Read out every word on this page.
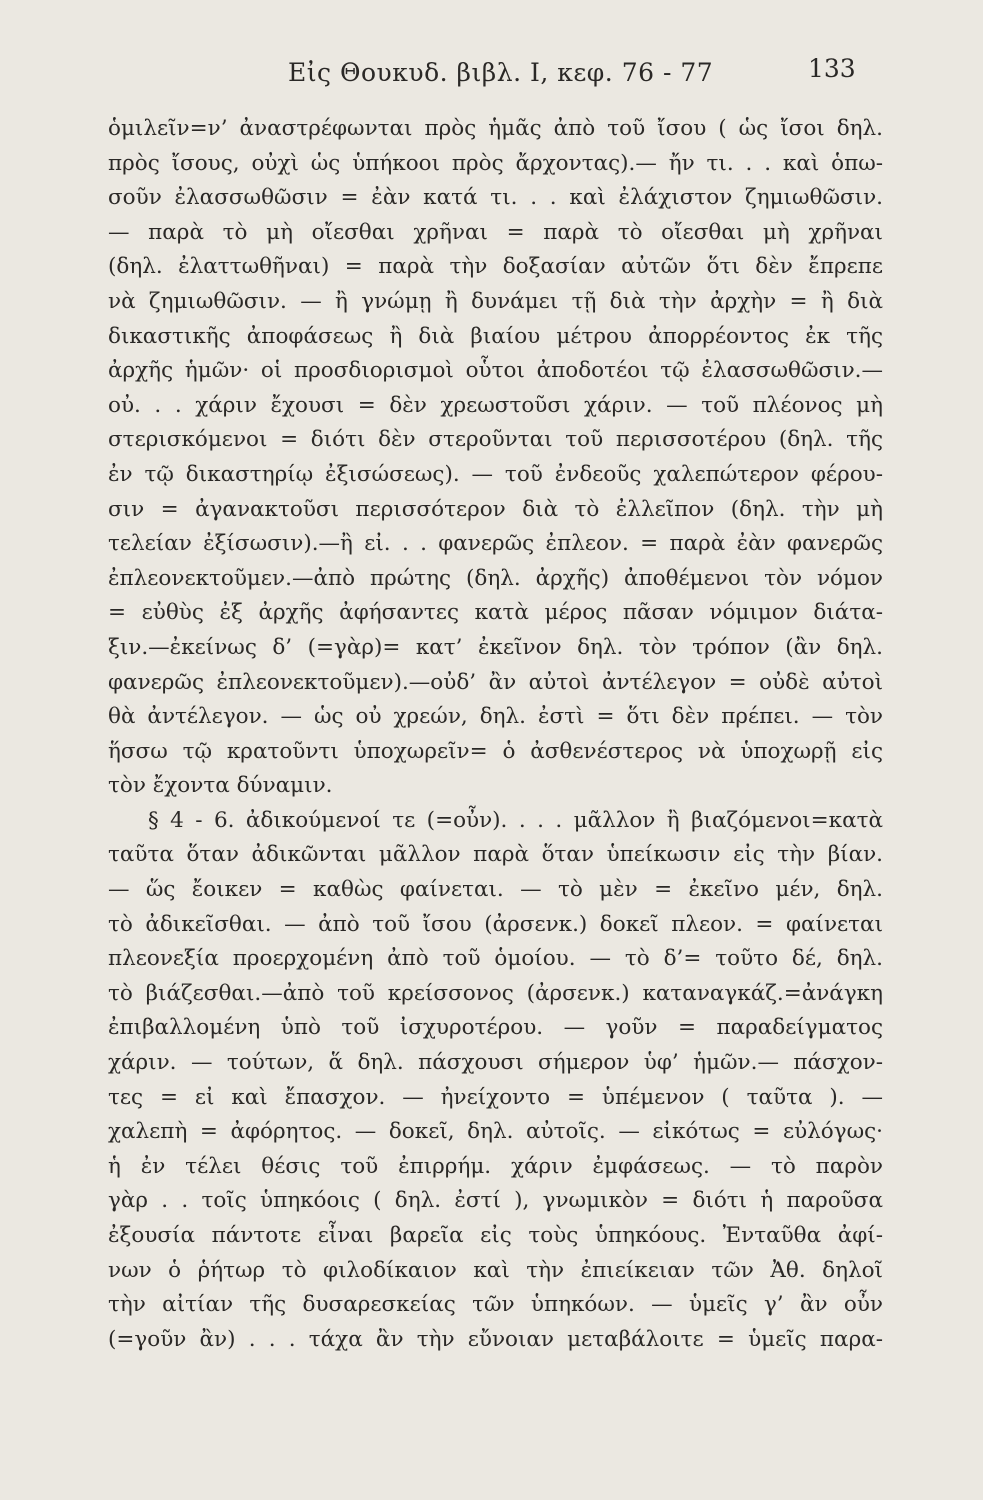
Εἰς Θουκυδ. βιβλ. Ι, κεφ. 76 - 77	133
ὁμιλεῖν=ν’ ἀναστρέφωνται πρὸς ἡμᾶς ἀπὸ τοῦ ἴσου ( ὡς ἴσοι δηλ.
πρὸς ἴσους, οὐχὶ ὡς ὑπήκοοι πρὸς ἄρχοντας).— ἤν τι. . . καὶ ὁπω-
σοῦν ἐλασσωθῶσιν = ἐὰν κατά τι. . . καὶ ἐλάχιστον ζημιωθῶσιν.
— παρὰ τὸ μὴ οἴεσθαι χρῆναι = παρὰ τὸ οἴεσθαι μὴ χρῆναι
(δηλ. ἐλαττωθῆναι) = παρὰ τὴν δοξασίαν αὐτῶν ὅτι δὲν ἔπρεπε
νὰ ζημιωθῶσιν. — ἢ γνώμῃ ἢ δυνάμει τῇ διὰ τὴν ἀρχὴν = ἢ διὰ
δικαστικῆς ἀποφάσεως ἢ διὰ βιαίου μέτρου ἀπορρέοντος ἐκ τῆς
ἀρχῆς ἡμῶν· οἱ προσδιορισμοὶ οὗτοι ἀποδοτέοι τῷ ἐλασσωθῶσιν.—
οὐ. . . χάριν ἔχουσι = δὲν χρεωστοῦσι χάριν. — τοῦ πλέονος μὴ
στερισκόμενοι = διότι δὲν στεροῦνται τοῦ περισσοτέρου (δηλ. τῆς
ἐν τῷ δικαστηρίῳ ἐξισώσεως). — τοῦ ἐνδεοῦς χαλεπώτερον φέρου-
σιν = ἀγανακτοῦσι περισσότερον διὰ τὸ ἐλλεῖπον (δηλ. τὴν μὴ
τελείαν ἐξίσωσιν).—ἢ εἰ. . . φανερῶς ἐπλεον. = παρὰ ἐὰν φανερῶς
ἐπλεονεκτοῦμεν.—ἀπὸ πρώτης (δηλ. ἀρχῆς) ἀποθέμενοι τὸν νόμον
= εὐθὺς ἐξ ἀρχῆς ἀφήσαντες κατὰ μέρος πᾶσαν νόμιμον διάτα-
ξιν.—ἐκείνως δ’ (=γὰρ)= κατ’ ἐκεῖνον δηλ. τὸν τρόπον (ἂν δηλ.
φανερῶς ἐπλεονεκτοῦμεν).—οὐδ’ ἂν αὐτοὶ ἀντέλεγον = οὐδὲ αὐτοὶ
θὰ ἀντέλεγον. — ὡς οὐ χρεών, δηλ. ἐστὶ = ὅτι δὲν πρέπει. — τὸν
ἥσσω τῷ κρατοῦντι ὑποχωρεῖν= ὁ ἀσθενέστερος νὰ ὑποχωρῇ εἰς
τὸν ἔχοντα δύναμιν.
§ 4 - 6. ἀδικούμενοί τε (=οὖν). . . . μᾶλλον ἢ βιαζόμενοι=κατὰ
ταῦτα ὅταν ἀδικῶνται μᾶλλον παρὰ ὅταν ὑπείκωσιν εἰς τὴν βίαν.
— ὥς ἔοικεν = καθὼς φαίνεται. — τὸ μὲν = ἐκεῖνο μέν, δηλ.
τὸ ἀδικεῖσθαι. — ἀπὸ τοῦ ἴσου (ἀρσενκ.) δοκεῖ πλεον. = φαίνεται
πλεονεξία προερχομένη ἀπὸ τοῦ ὁμοίου. — τὸ δ’= τοῦτο δέ, δηλ.
τὸ βιάζεσθαι.—ἀπὸ τοῦ κρείσσονος (ἀρσενκ.) καταναγκάζ.=ἀνάγκη
ἐπιβαλλομένη ὑπὸ τοῦ ἰσχυροτέρου. — γοῦν = παραδείγματος
χάριν. — τούτων, ἅ δηλ. πάσχουσι σήμερον ὑφ’ ἡμῶν.— πάσχον-
τες = εἰ καὶ ἔπασχον. — ἠνείχοντο = ὑπέμενον ( ταῦτα ). —
χαλεπὴ = ἀφόρητος. — δοκεῖ, δηλ. αὐτοῖς. — εἰκότως = εὐλόγως·
ἡ ἐν τέλει θέσις τοῦ ἐπιρρήμ. χάριν ἐμφάσεως. — τὸ παρὸν
γὰρ . . τοῖς ὑπηκόοις ( δηλ. ἐστί ), γνωμικὸν = διότι ἡ παροῦσα
ἐξουσία πάντοτε εἶναι βαρεῖα εἰς τοὺς ὑπηκόους. Ἐνταῦθα ἀφί-
νων ὁ ῥήτωρ τὸ φιλοδίκαιον καὶ τὴν ἐπιείκειαν τῶν Ἀθ. δηλοῖ
τὴν αἰτίαν τῆς δυσαρεσκείας τῶν ὑπηκόων. — ὑμεῖς γ’ ἂν οὖν
(=γοῦν ἂν) . . . τάχα ἂν τὴν εὔνοιαν μεταβάλοιτε = ὑμεῖς παρα-
